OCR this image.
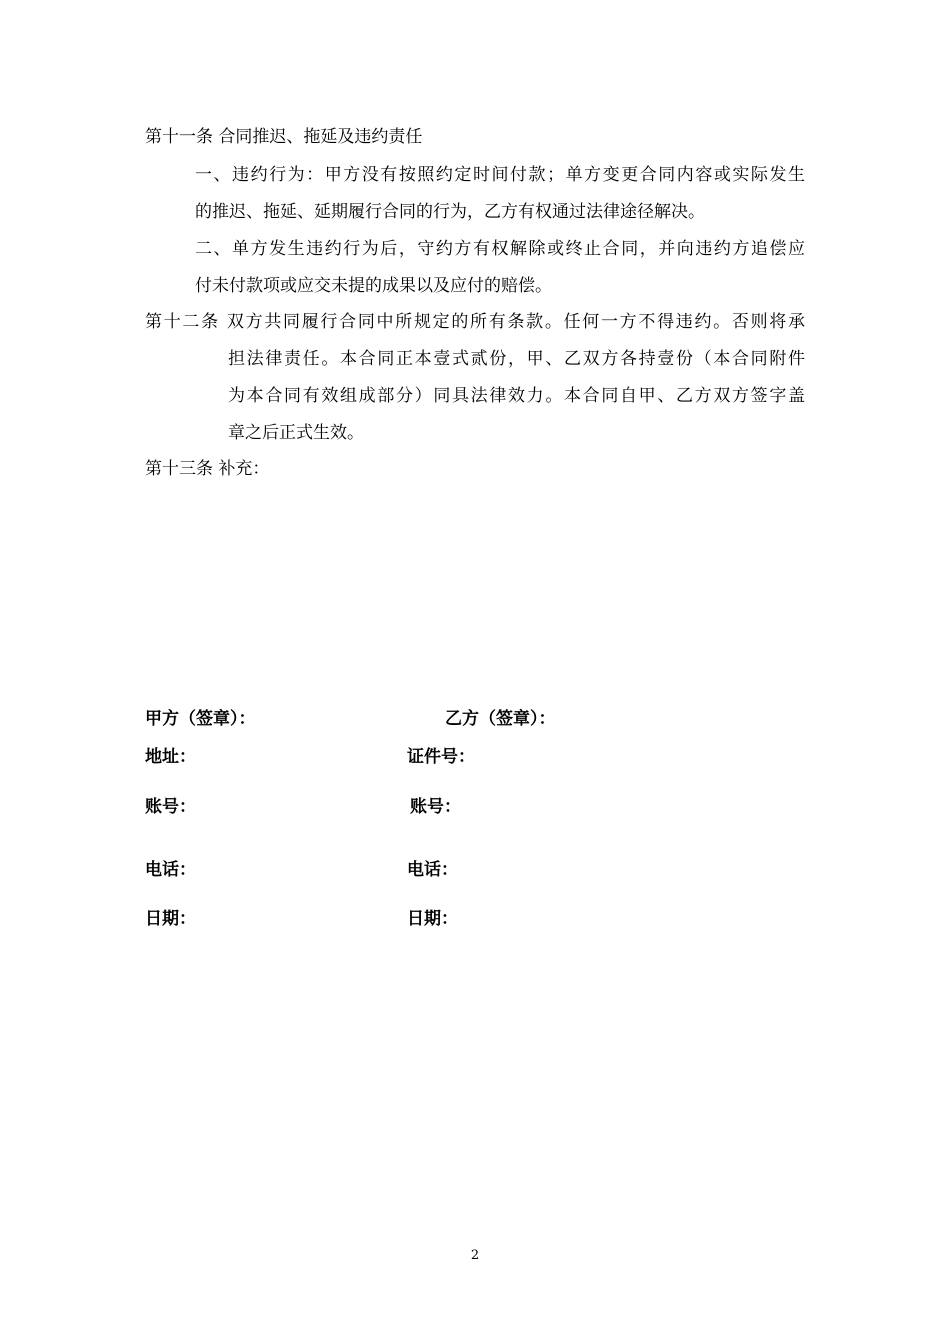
第十一条 合同推迟、拖延及违约责任
一、违约行为：甲方没有按照约定时间付款；单方变更合同内容或实际发生
的推迟、拖延、延期履行合同的行为，乙方有权通过法律途径解决。
二、单方发生违约行为后，守约方有权解除或终止合同，并向违约方追偿应
付未付款项或应交未提的成果以及应付的赔偿。
第十二条 双方共同履行合同中所规定的所有条款。任何一方不得违约。否则将承
担法律责任。本合同正本壹式贰份，甲、乙双方各持壹份（本合同附件
为本合同有效组成部分）同具法律效力。本合同自甲、乙方双方签字盖
章之后正式生效。
第十三条 补充：
甲方（签章）：
地址：
账号：
电话：
日期：
乙方（签章）：
证件号：
账号：
电话：
日期：
2
